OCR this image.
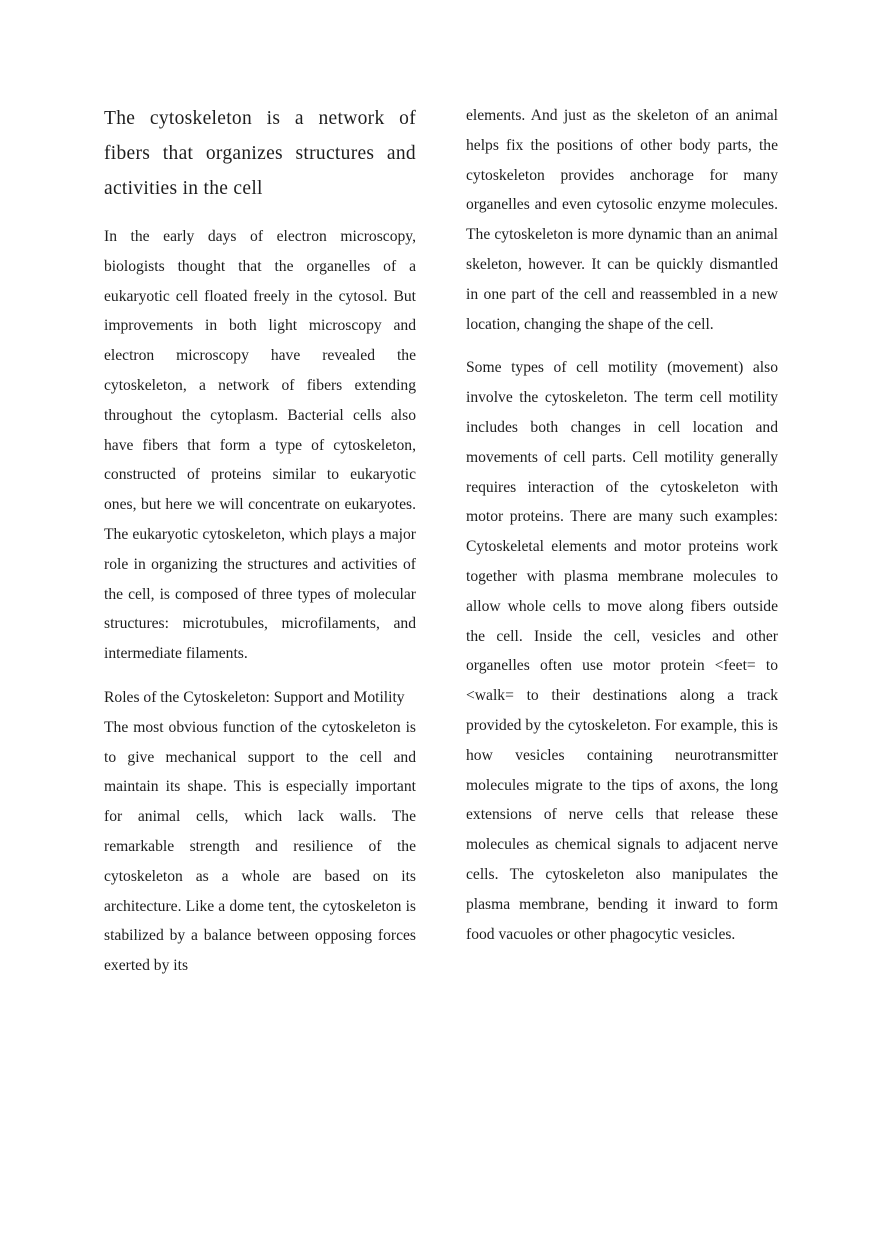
The cytoskeleton is a network of fibers that organizes structures and activities in the cell

In the early days of electron microscopy, biologists thought that the organelles of a eukaryotic cell floated freely in the cytosol. But improvements in both light microscopy and electron microscopy have revealed the cytoskeleton, a network of fibers extending throughout the cytoplasm. Bacterial cells also have fibers that form a type of cytoskeleton, constructed of proteins similar to eukaryotic ones, but here we will concentrate on eukaryotes. The eukaryotic cytoskeleton, which plays a major role in organizing the structures and activities of the cell, is composed of three types of molecular structures: microtubules, microfilaments, and intermediate filaments.

Roles of the Cytoskeleton: Support and Motility

The most obvious function of the cytoskeleton is to give mechanical support to the cell and maintain its shape. This is especially important for animal cells, which lack walls. The remarkable strength and resilience of the cytoskeleton as a whole are based on its architecture. Like a dome tent, the cytoskeleton is stabilized by a balance between opposing forces exerted by its

elements. And just as the skeleton of an animal helps fix the positions of other body parts, the cytoskeleton provides anchorage for many organelles and even cytosolic enzyme molecules. The cytoskeleton is more dynamic than an animal skeleton, however. It can be quickly dismantled in one part of the cell and reassembled in a new location, changing the shape of the cell.

Some types of cell motility (movement) also involve the cytoskeleton. The term cell motility includes both changes in cell location and movements of cell parts. Cell motility generally requires interaction of the cytoskeleton with motor proteins. There are many such examples: Cytoskeletal elements and motor proteins work together with plasma membrane molecules to allow whole cells to move along fibers outside the cell. Inside the cell, vesicles and other organelles often use motor protein <feet= to <walk= to their destinations along a track provided by the cytoskeleton. For example, this is how vesicles containing neurotransmitter molecules migrate to the tips of axons, the long extensions of nerve cells that release these molecules as chemical signals to adjacent nerve cells. The cytoskeleton also manipulates the plasma membrane, bending it inward to form food vacuoles or other phagocytic vesicles.
